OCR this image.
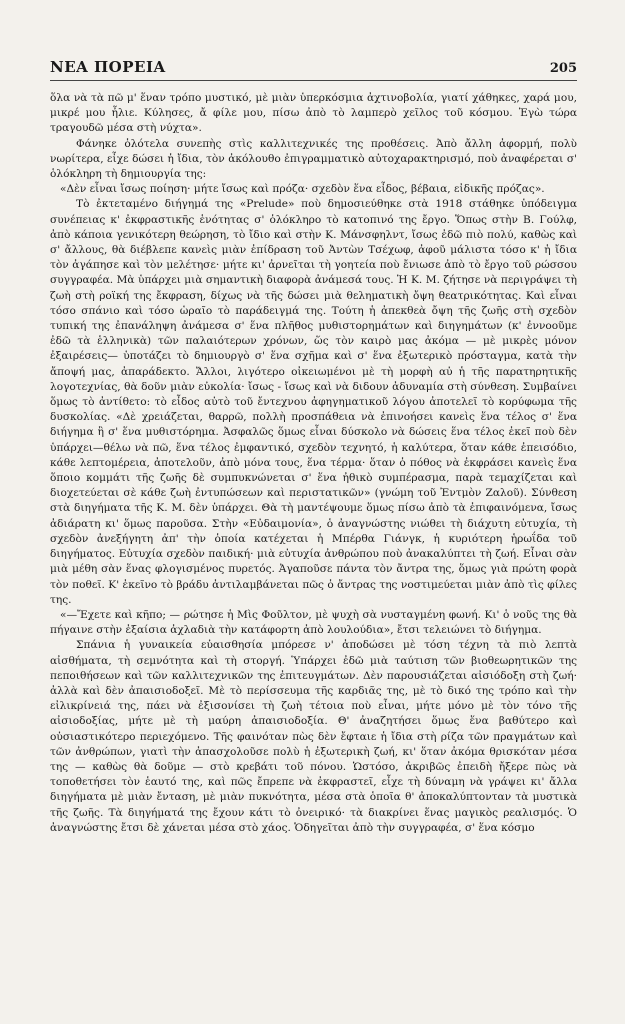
ΝΕΑ ΠΟΡΕΙΑ	205

ὅλα νὰ τὰ πῶ μ' ἕναν τρόπο μυστικό, μὲ μιὰν ὑπερκόσμια ἀχτινοβολία, γιατί χάθηκες, χαρά μου, μικρέ μου ἦλιε. Κύλησες, ἄ φίλε μου, πίσω ἀπὸ τὸ λαμπερὸ χεῖλος τοῦ κόσμου. Ἐγὼ τώρα τραγουδῶ μέσα στὴ νύχτα».

Φάνηκε ὁλότελα συνεπὴς στὶς καλλιτεχνικές της προθέσεις. Ἀπὸ ἄλλη ἀφορμή, πολὺ νωρίτερα, εἶχε δώσει ἡ ἴδια, τὸν ἀκόλουθο ἐπιγραμματικὸ αὐτοχαρακτηρισμό, ποὺ ἀναφέρεται σ' ὁλόκληρη τὴ δημιουργία της:

«Δὲν εἶναι ἴσως ποίηση· μήτε ἴσως καὶ πρόζα· σχεδὸν ἕνα εἶδος, βέβαια, εἰδικῆς πρόζας».

Τὸ ἐκτεταμένο διήγημά της «Prelude» ποὺ δημοσιεύθηκε στὰ 1918 στάθηκε ὑπόδειγμα συνέπειας κ' ἐκφραστικῆς ἑνότητας σ' ὁλόκληρο τὸ κατοπινό της ἔργο. Ὅπως στὴν Β. Γούλφ, ἀπὸ κάποια γενικότερη θεώρηση, τὸ ἴδιο καὶ στὴν Κ. Μάνσφηλντ, ἴσως ἐδῶ πιὸ πολύ, καθὼς καὶ σ' ἄλλους, θὰ διέβλεπε κανεὶς μιὰν ἐπίδραση τοῦ Ἀντὼν Τσέχωφ, ἀφοῦ μάλιστα τόσο κ' ἡ ἴδια τὸν ἀγάπησε καὶ τὸν μελέτησε· μήτε κι' ἀρνεῖται τὴ γοητεία ποὺ ἔνιωσε ἀπὸ τὸ ἔργο τοῦ ρώσσου συγγραφέα. Μὰ ὑπάρχει μιὰ σημαντικὴ διαφορὰ ἀνάμεσά τους. Ἡ Κ. Μ. ζήτησε νὰ περιγράψει τὴ ζωὴ στὴ ροϊκή της ἔκφραση, δίχως νὰ τῆς δώσει μιὰ θεληματικὴ ὄψη θεατρικότητας. Καὶ εἶναι τόσο σπάνιο καὶ τόσο ὡραῖο τὸ παράδειγμά της. Τούτη ἡ ἀπεκθεὰ ὄψη τῆς ζωῆς στὴ σχεδὸν τυπική της ἐπανάληψη ἀνάμεσα σ' ἕνα πλῆθος μυθιστορημάτων καὶ διηγημάτων (κ' ἐννοοῦμε ἐδῶ τὰ ἑλληνικὰ) τῶν παλαιότερων χρόνων, ὥς τὸν καιρὸ μας ἀκόμα — μὲ μικρὲς μόνον ἐξαιρέσεις— ὑποτάζει τὸ δημιουργὸ σ' ἕνα σχῆμα καὶ σ' ἕνα ἐξωτερικὸ πρόσταγμα, κατὰ τὴν ἄποψή μας, ἀπαράδεκτο. Ἄλλοι, λιγότερο οἰκειωμένοι μὲ τὴ μορφὴ αὐ ἡ τῆς παρατηρητικῆς λογοτεχνίας, θὰ δοῦν μιὰν εὐκολία· ἴσως - ἴσως καὶ νὰ διδουν ἀδυναμία στὴ σύνθεση. Συμβαίνει ὅμως τὸ ἀντίθετο: τὸ εἶδος αὐτὸ τοῦ ἔντεχνου ἀφηγηματικοῦ λόγου ἀποτελεῖ τὸ κορύφωμα τῆς δυσκολίας. «Δὲ χρειάζεται, θαρρῶ, πολλὴ προσπάθεια νὰ ἐπινοήσει κανεὶς ἕνα τέλος σ' ἕνα διήγημα ἢ σ' ἕνα μυθιστόρημα. Ἀσφαλῶς ὅμως εἶναι δύσκολο νὰ δώσεις ἕνα τέλος ἐκεῖ ποὺ δὲν ὑπάρχει—θέλω νὰ πῶ, ἕνα τέλος ἐμφαντικό, σχεδὸν τεχνητό, ἡ καλύτερα, ὅταν κάθε ἐπεισόδιο, κάθε λεπτομέρεια, ἀποτελοῦν, ἀπὸ μόνα τους, ἕνα τέρμα· ὅταν ὁ πόθος νὰ ἐκφράσει κανεὶς ἕνα ὅποιο κομμάτι τῆς ζωῆς δὲ συμπυκνώνεται σ' ἕνα ἠθικὸ συμπέρασμα, παρὰ τεμαχίζεται καὶ διοχετεύεται σὲ κάθε ζωὴ ἐντυπώσεων καὶ περιστατικῶν» (γνώμη τοῦ Ἐντμὸν Ζαλοῦ). Σύνθεση στὰ διηγήματα τῆς Κ. Μ. δὲν ὑπάρχει. Θὰ τὴ μαντέψουμε ὅμως πίσω ἀπὸ τὰ ἐπιφαινόμενα, ἴσως ἀδιάρατη κι' ὅμως παροῦσα. Στὴν «Εὐδαιμονία», ὁ ἀναγνώστης νιώθει τὴ διάχυτη εὐτυχία, τὴ σχεδὸν ἀνεξήγητη ἀπ' τὴν ὁποία κατέχεται ἡ Μπέρθα Γιάνγκ, ἡ κυριότερη ἡρωΐδα τοῦ διηγήματος. Εὐτυχία σχεδὸν παιδική· μιὰ εὐτυχία ἀνθρώπου ποὺ ἀνακαλύπτει τὴ ζωή. Εἶναι σὰν μιὰ μέθη σὰν ἕνας φλογισμένος πυρετός. Ἀγαποῦσε πάντα τὸν ἄντρα της, ὅμως γιὰ πρώτη φορὰ τὸν ποθεῖ. Κ' ἐκεῖνο τὸ βράδυ ἀντιλαμβάνεται πῶς ὁ ἄντρας της νοστιμεύεται μιὰν ἀπὸ τὶς φίλες της.

«—Ἔχετε καὶ κῆπο; — ρώτησε ἡ Μὶς Φοῦλτον, μὲ ψυχὴ σὰ νυσταγμένη φωνή. Κι' ὁ νοῦς της θὰ πήγαινε στὴν ἐξαίσια ἀχλαδιὰ τὴν κατάφορτη ἀπὸ λουλούδια», ἔτσι τελειώνει τὸ διήγημα.

Σπάνια ἡ γυναικεία εὐαισθησία μπόρεσε ν' ἀποδώσει μὲ τόση τέχνη τὰ πιὸ λεπτὰ αἰσθήματα, τὴ σεμνότητα καὶ τὴ στοργή. Ὑπάρχει ἐδῶ μιὰ ταύτιση τῶν βιοθεωρητικῶν της πεποιθήσεων καὶ τῶν καλλιτεχνικῶν της ἐπιτευγμάτων. Δὲν παρουσιάζεται αἰσιόδοξη στὴ ζωή· ἀλλὰ καὶ δὲν ἀπαισιοδοξεῖ. Μὲ τὸ περίσσευμα τῆς καρδιᾶς της, μὲ τὸ δικό της τρόπο καὶ τὴν εἰλικρίνειά της, πάει νὰ ἐξισονίσει τὴ ζωὴ τέτοια ποὺ εἶναι, μήτε μόνο μὲ τὸν τόνο τῆς αἰσιοδοξίας, μήτε μὲ τὴ μαύρη ἀπαισιοδοξία. Θ' ἀναζητήσει ὅμως ἕνα βαθύτερο καὶ οὐσιαστικότερο περιεχόμενο. Τῆς φαινόταν πὼς δὲν ἔφταιε ἡ ἴδια στὴ ρίζα τῶν πραγμάτων καὶ τῶν ἀνθρώπων, γιατὶ τὴν ἀπασχολοῦσε πολὺ ἡ ἐξωτερικὴ ζωή, κι' ὅταν ἀκόμα θρισκόταν μέσα της — καθὼς θὰ δοῦμε — στὸ κρεβάτι τοῦ πόνου. Ὡστόσο, ἀκριβῶς ἐπειδὴ ἤξερε πὼς νὰ τοποθετήσει τὸν ἑαυτό της, καὶ πῶς ἔπρεπε νὰ ἐκφραστεῖ, εἶχε τὴ δύναμη νὰ γράψει κι' ἄλλα διηγήματα μὲ μιὰν ἔνταση, μὲ μιὰν πυκνότητα, μέσα στὰ ὁποῖα θ' ἀποκαλύπτονταν τὰ μυστικὰ τῆς ζωῆς. Τὰ διηγήματά της ἔχουν κάτι τὸ ὀνειρικό· τὰ διακρίνει ἕνας μαγικὸς ρεαλισμός. Ὁ ἀναγνώστης ἔτσι δὲ χάνεται μέσα στὸ χάος. Ὁδηγεῖται ἀπὸ τὴν συγγραφέα, σ' ἕνα κόσμο
